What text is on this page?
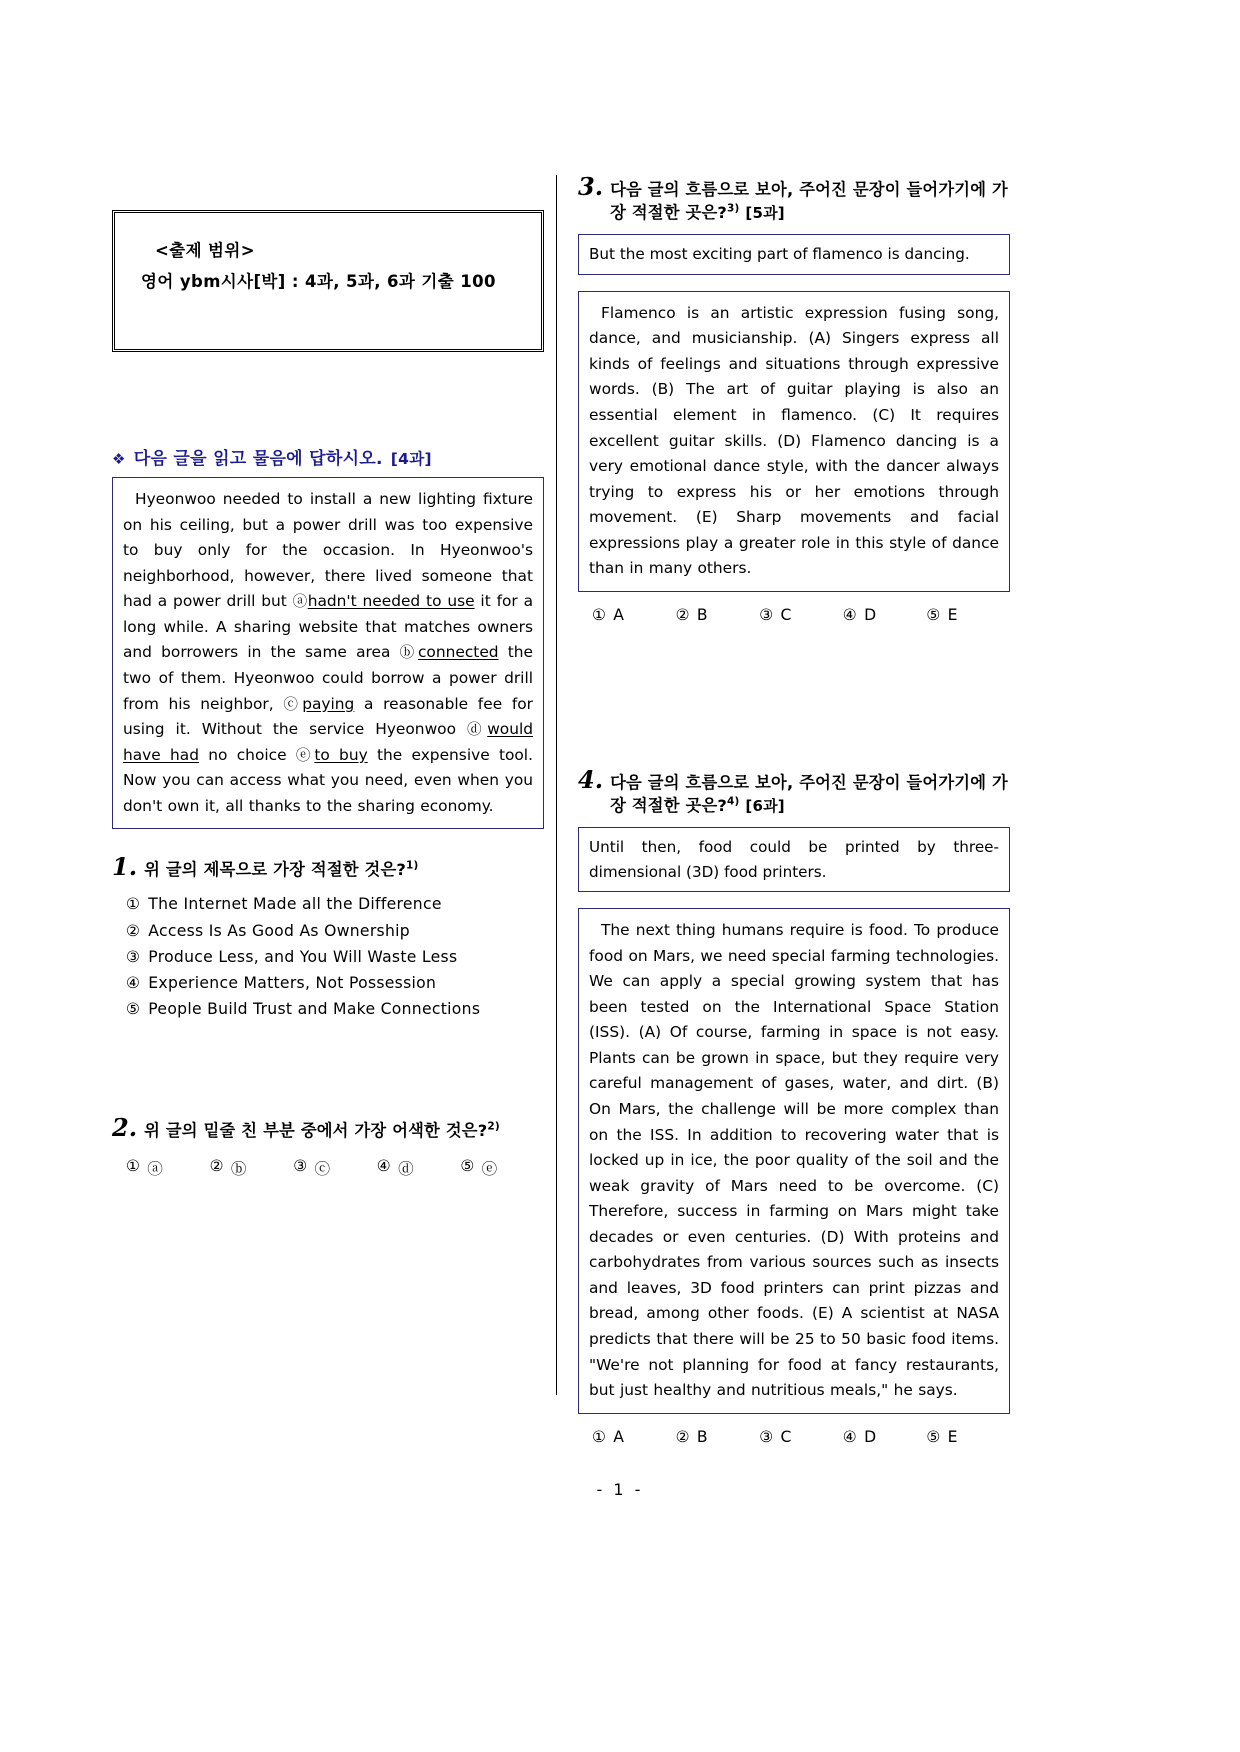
<출제 범위>
영어 ybm시사[박] : 4과, 5과, 6과 기출 100
❖ 다음 글을 읽고 물음에 답하시오. [4과]

Hyeonwoo needed to install a new lighting fixture on his ceiling, but a power drill was too expensive to buy only for the occasion. In Hyeonwoo's neighborhood, however, there lived someone that had a power drill but ⓐhadn't needed to use it for a long while. A sharing website that matches owners and borrowers in the same area ⓑconnected the two of them. Hyeonwoo could borrow a power drill from his neighbor, ⓒpaying a reasonable fee for using it. Without the service Hyeonwoo ⓓwould have had no choice ⓔto buy the expensive tool. Now you can access what you need, even when you don't own it, all thanks to the sharing economy.

1. 위 글의 제목으로 가장 적절한 것은?$^{1)}$
① The Internet Made all the Difference
② Access Is As Good As Ownership
③ Produce Less, and You Will Waste Less
④ Experience Matters, Not Possession
⑤ People Build Trust and Make Connections
2. 위 글의 밑줄 친 부분 중에서 가장 어색한 것은?$^{2)}$
① ⓐ	② ⓑ	③ ⓒ	④ ⓓ	⑤ ⓔ
3. 다음 글의 흐름으로 보아, 주어진 문장이 들어가기에 가장 적절한 곳은?$^{3)}$ [5과]

But the most exciting part of flamenco is dancing.

Flamenco is an artistic expression fusing song, dance, and musicianship. (A) Singers express all kinds of feelings and situations through expressive words. (B) The art of guitar playing is also an essential element in flamenco. (C) It requires excellent guitar skills. (D) Flamenco dancing is a very emotional dance style, with the dancer always trying to express his or her emotions through movement. (E) Sharp movements and facial expressions play a greater role in this style of dance than in many others.

① A	② B	③ C	④ D	⑤ E
4. 다음 글의 흐름으로 보아, 주어진 문장이 들어가기에 가장 적절한 곳은?$^{4)}$ [6과]

Until then, food could be printed by three-dimensional (3D) food printers.

The next thing humans require is food. To produce food on Mars, we need special farming technologies. We can apply a special growing system that has been tested on the International Space Station (ISS). (A) Of course, farming in space is not easy. Plants can be grown in space, but they require very careful management of gases, water, and dirt. (B) On Mars, the challenge will be more complex than on the ISS. In addition to recovering water that is locked up in ice, the poor quality of the soil and the weak gravity of Mars need to be overcome. (C) Therefore, success in farming on Mars might take decades or even centuries. (D) With proteins and carbohydrates from various sources such as insects and leaves, 3D food printers can print pizzas and bread, among other foods. (E) A scientist at NASA predicts that there will be 25 to 50 basic food items. "We're not planning for food at fancy restaurants, but just healthy and nutritious meals," he says.

① A	② B	③ C	④ D	⑤ E
- 1 -
